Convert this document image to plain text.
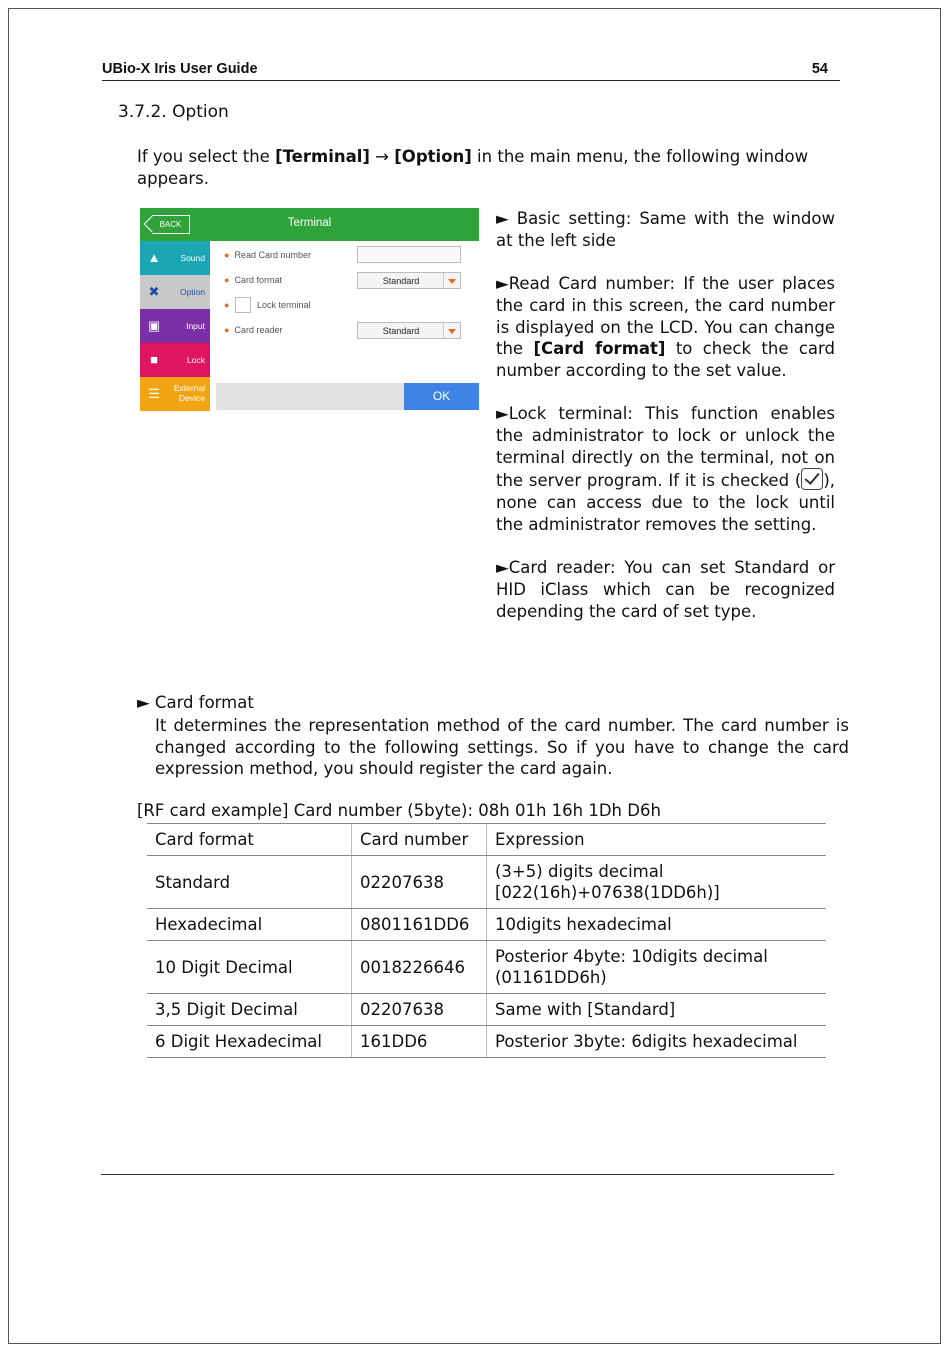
UBio-X Iris User Guide	54
3.7.2. Option
If you select the [Terminal] → [Option] in the main menu, the following window appears.
BACK	Terminal
▲ Sound
✖ Option
▣	Input
■	Lock
☰ External
Device
● Read Card number
● Card format	Standard
●	Lock terminal
● Card reader	Standard
OK

► Basic setting: Same with the window at the left side

►Read Card number: If the user places the card in this screen, the card number is displayed on the LCD. You can change the [Card format] to check the card number according to the set value.

►Lock terminal: This function enables the administrator to lock or unlock the terminal directly on the terminal, not on the server program. If it is checked ( ), none can access due to the lock until the administrator removes the setting.

►Card reader: You can set Standard or HID iClass which can be recognized depending the card of set type.

► Card format
It determines the representation method of the card number. The card number is changed according to the following settings. So if you have to change the card expression method, you should register the card again.
[RF card example] Card number (5byte): 08h 01h 16h 1Dh D6h
Card format	Card number	Expression
Standard	02207638	(3+5) digits decimal
[022(16h)+07638(1DD6h)]
Hexadecimal	0801161DD6	10digits hexadecimal
10 Digit Decimal	0018226646	Posterior 4byte: 10digits decimal
(01161DD6h)
3,5 Digit Decimal	02207638	Same with [Standard]
6 Digit Hexadecimal	161DD6	Posterior 3byte: 6digits hexadecimal
